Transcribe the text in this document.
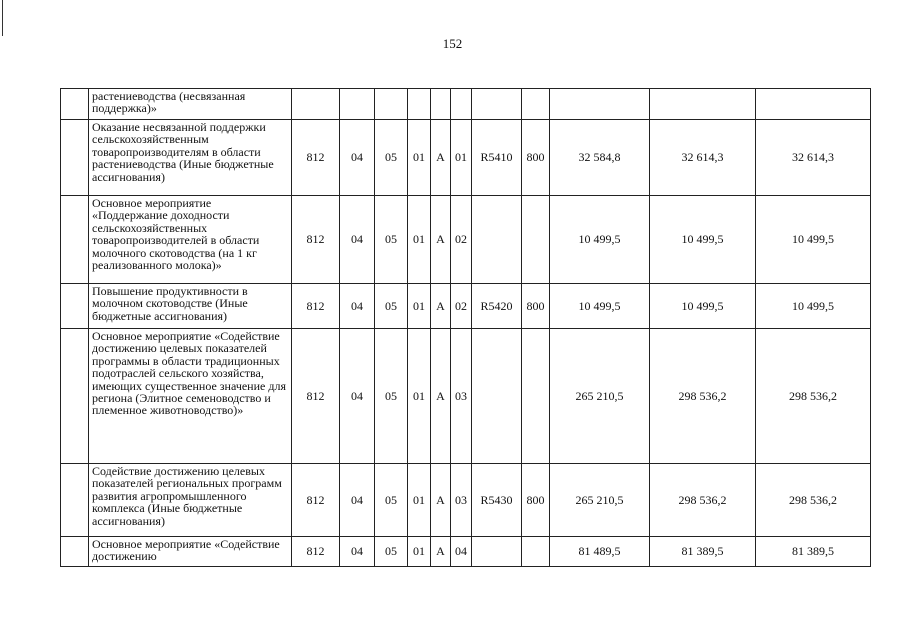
152
	растениеводства (несвязанная поддержка)»											
	Оказание несвязанной поддержки сельскохозяйственным товаропроизводителям в области растениеводства (Иные бюджетные ассигнования)	812	04	05	01	А	01	R5410	800	32 584,8	32 614,3	32 614,3
	Основное мероприятие «Поддержание доходности сельскохозяйственных товаропроизводителей в области молочного скотоводства (на 1 кг реализованного молока)»	812	04	05	01	А	02			10 499,5	10 499,5	10 499,5
	Повышение продуктивности в молочном скотоводстве (Иные бюджетные ассигнования)	812	04	05	01	А	02	R5420	800	10 499,5	10 499,5	10 499,5
	Основное мероприятие «Содействие достижению целевых показателей программы в области традиционных подотраслей сельского хозяйства, имеющих существенное значение для региона (Элитное семеноводство и племенное животноводство)»	812	04	05	01	А	03			265 210,5	298 536,2	298 536,2
	Содействие достижению целевых показателей региональных программ развития агропромышленного комплекса (Иные бюджетные ассигнования)	812	04	05	01	А	03	R5430	800	265 210,5	298 536,2	298 536,2
	Основное мероприятие «Содействие достижению	812	04	05	01	А	04			81 489,5	81 389,5	81 389,5
